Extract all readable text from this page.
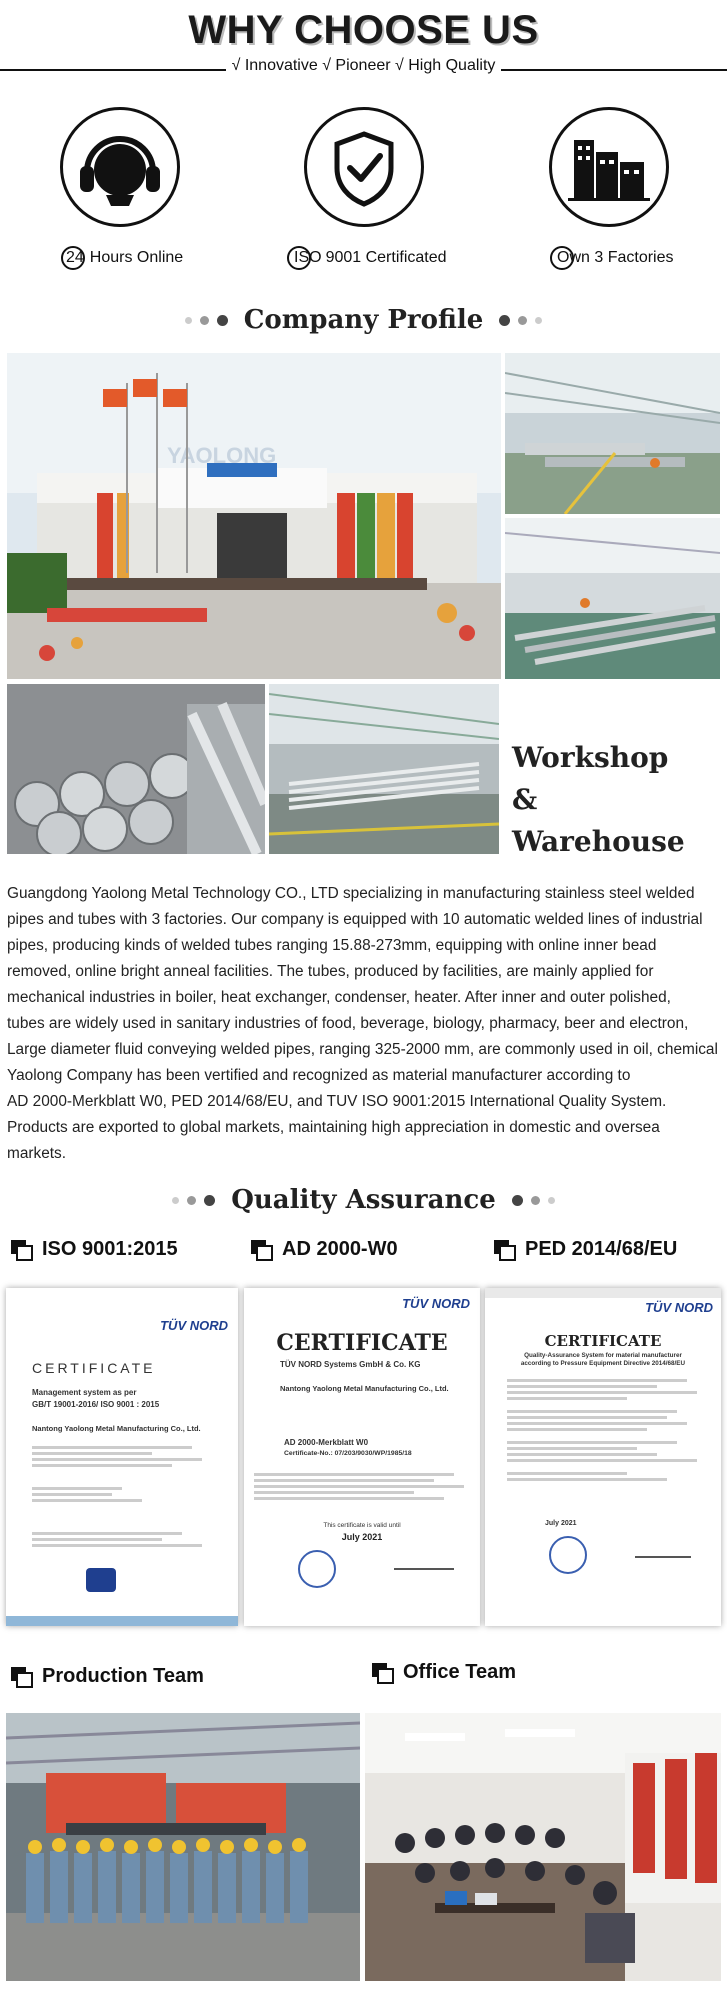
WHY CHOOSE US
√ Innovative √ Pioneer √ High Quality
24 Hours Online	ISO 9001 Certificated	O wn 3 Factories
Company Profile
YAOLONG
Workshop
&
Warehouse

Guangdong Yaolong Metal Technology CO., LTD specializing in manufacturing stainless steel welded

pipes and tubes with 3 factories. Our company is equipped with 10 automatic welded lines of industrial

pipes, producing kinds of welded tubes ranging 15.88-273mm, equipping with online inner bead

removed, online bright anneal facilities. The tubes, produced by facilities, are mainly applied for

mechanical industries in boiler, heat exchanger, condenser, heater. After inner and outer polished,

tubes are widely used in sanitary industries of food, beverage, biology, pharmacy, beer and electron,

Large diameter fluid conveying welded pipes, ranging 325-2000 mm, are commonly used in oil, chemical

Yaolong Company has been vertified and recognized as material manufacturer according to

AD 2000-Merkblatt W0, PED 2014/68/EU, and TUV ISO 9001:2015 International Quality System.

Products are exported to global markets, maintaining high appreciation in domestic and oversea markets.

Quality Assurance
ISO 9001:2015	AD 2000-W0	PED 2014/68/EU
TÜV NORD
CERTIFICATE
Management system as per
GB/T 19001-2016/ ISO 9001 : 2015
Nantong Yaolong Metal Manufacturing Co., Ltd.
TÜV NORD
CERTIFICATE
TÜV NORD Systems GmbH & Co. KG
Nantong Yaolong Metal Manufacturing Co., Ltd.
AD 2000-Merkblatt W0
Certificate-No.: 07/203/9030/WP/1985/18
This certificate is valid until
July 2021
TÜV NORD
CERTIFICATE
Quality-Assurance System for material manufacturer
according to Pressure Equipment Directive 2014/68/EU
July 2021
Production Team	Office Team
